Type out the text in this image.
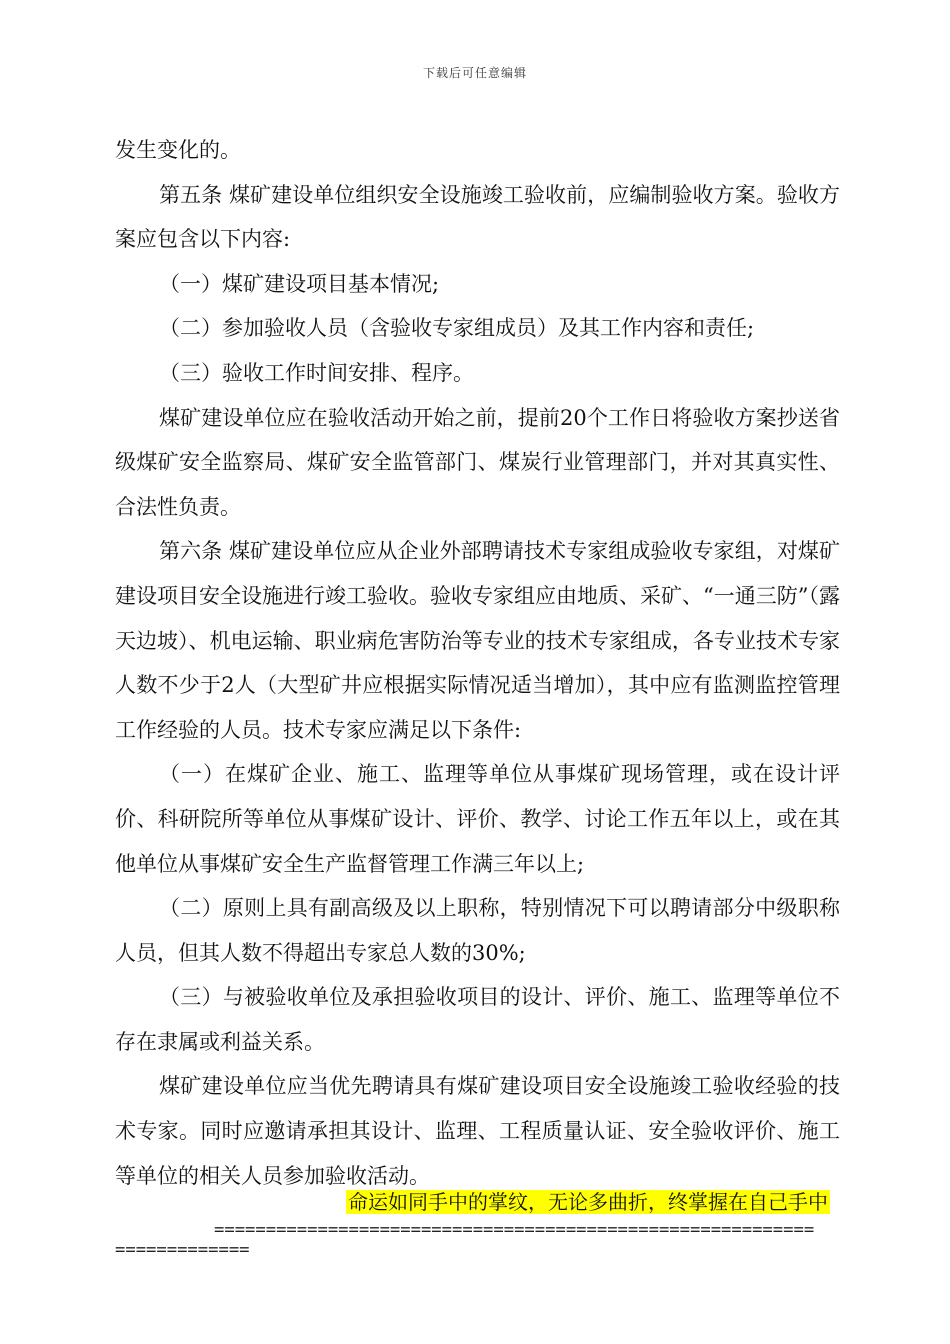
下载后可任意编辑

发生变化的。

第五条 煤矿建设单位组织安全设施竣工验收前，应编制验收方案。验收方案应包含以下内容:

（一）煤矿建设项目基本情况;

（二）参加验收人员（含验收专家组成员）及其工作内容和责任;

（三）验收工作时间安排、程序。

煤矿建设单位应在验收活动开始之前，提前20个工作日将验收方案抄送省级煤矿安全监察局、煤矿安全监管部门、煤炭行业管理部门，并对其真实性、合法性负责。

第六条 煤矿建设单位应从企业外部聘请技术专家组成验收专家组，对煤矿建设项目安全设施进行竣工验收。验收专家组应由地质、采矿、“一通三防”（露天边坡）、机电运输、职业病危害防治等专业的技术专家组成，各专业技术专家人数不少于2人（大型矿井应根据实际情况适当增加），其中应有监测监控管理工作经验的人员。技术专家应满足以下条件:

（一）在煤矿企业、施工、监理等单位从事煤矿现场管理，或在设计评价、科研院所等单位从事煤矿设计、评价、教学、讨论工作五年以上，或在其他单位从事煤矿安全生产监督管理工作满三年以上;

（二）原则上具有副高级及以上职称，特别情况下可以聘请部分中级职称人员，但其人数不得超出专家总人数的30%;

（三）与被验收单位及承担验收项目的设计、评价、施工、监理等单位不存在隶属或利益关系。

煤矿建设单位应当优先聘请具有煤矿建设项目安全设施竣工验收经验的技术专家。同时应邀请承担其设计、监理、工程质量认证、安全验收评价、施工等单位的相关人员参加验收活动。

命运如同手中的掌纹，无论多曲折，终掌握在自己手中
==========================================================
=============
